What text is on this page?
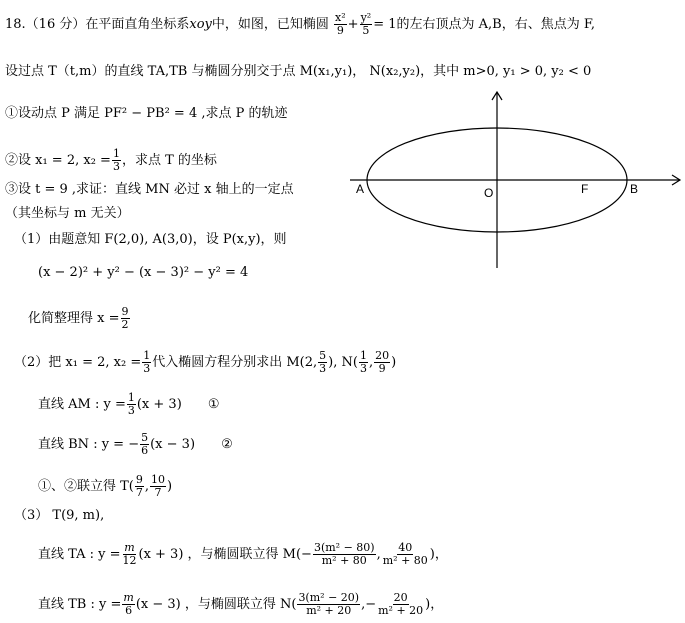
18.（16 分）在平面直角坐标系xoy中，如图，已知椭圆 $\frac{\text{x²}}{9} + \frac{\text{y²}}{5} = 1$的左右顶点为 A,B，右、焦点为 F,
设过点 T（t,m）的直线 TA,TB 与椭圆分别交于点 M(x₁,y₁)， N(x₂,y₂)，其中 m>0, y₁ > 0, y₂ < 0
①设动点 P 满足 PF² − PB² = 4 ,求点 P 的轨迹
②设 x₁ = 2, $x_2 = \frac{1}{3}$ ，求点 T 的坐标
③设 t = 9 ,求证：直线 MN 必过 x 轴上的一定点
（其坐标与 m 无关）
（1）由题意知 F(2,0), A(3,0)，设 P(x,y)，则
(x − 2)² + y² − (x − 3)² − y² = 4
化简整理得 $x = \frac{9}{2}$
（2）把 x₁ = 2, $x_2 = \frac{1}{3}$ 代入椭圆方程分别求出 M(2, $\frac{5}{3}$ ), $N( \frac{1}{3}$ , $\frac{20}{9}$ )
直线 AM : $y = \frac{1}{3} (x + 3)$ ①
直线 BN : y = − $\frac{5}{6} (x - 3)$ ②
①、②联立得 $T( \frac{9}{7}$ , $\frac{10}{7}$ )
（3） T(9, m),
直线 TA : $y = \frac{m}{12} (x + 3)$ ，与椭圆联立得 $M(- \frac{\text{3(m² − 80)}}{\text{m² + 80}}$ , $\frac{40}{\text{m² + 80}}$ )，
直线 TB : $y = \frac{m}{6} (x - 3)$ ，与椭圆联立得 $N( \frac{\text{3(m² − 20)}}{\text{m² + 20}}$ ,− $\frac{20}{\text{m² + 20}}$ )，
A	O	F	B
